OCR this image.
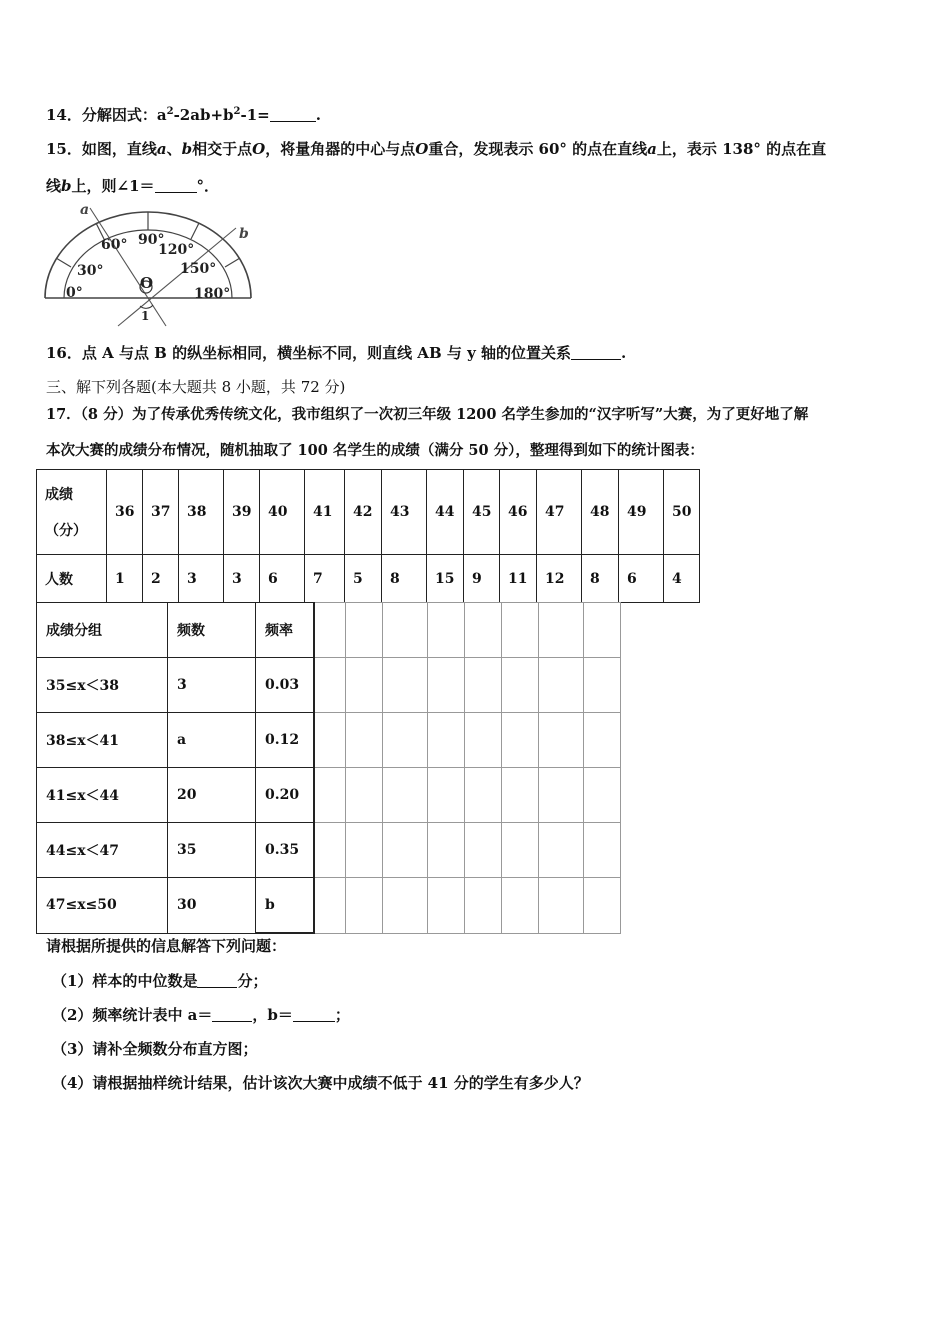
14．分解因式：$a^2-2ab+b^2-1=$	.
15．如图，直线a、b相交于点O，将量角器的中心与点O重合，发现表示 60° 的点在直线a上，表示 138° 的点在直
线b上，则∠1＝	°．
a
b
O
1
0°
30°
60° 90°
120°
150°
180°
16．点 A 与点 B 的纵坐标相同，横坐标不同，则直线 AB 与 y 轴的位置关系	.
三、解下列各题(本大题共 8 小题，共 72 分)
17．（8 分）为了传承优秀传统文化，我市组织了一次初三年级 1200 名学生参加的“汉字听写”大赛，为了更好地了解
本次大赛的成绩分布情况，随机抽取了 100 名学生的成绩（满分 50 分），整理得到如下的统计图表：
成绩
（分）	36	37	38	39	40	41	42	43	44	45	46	47	48	49	50
人数	1	2	3	3	6	7	5	8	15	9	11	12	8	6	4
成绩分组	频数	频率								
35≤x＜38	3	0.03								
38≤x＜41	a	0.12								
41≤x＜44	20	0.20								
44≤x＜47	35	0.35								
47≤x≤50	30	b								
请根据所提供的信息解答下列问题：
（1）样本的中位数是	分；
（2）频率统计表中 a＝	，b＝	；
（3）请补全频数分布直方图；
（4）请根据抽样统计结果，估计该次大赛中成绩不低于 41 分的学生有多少人？
